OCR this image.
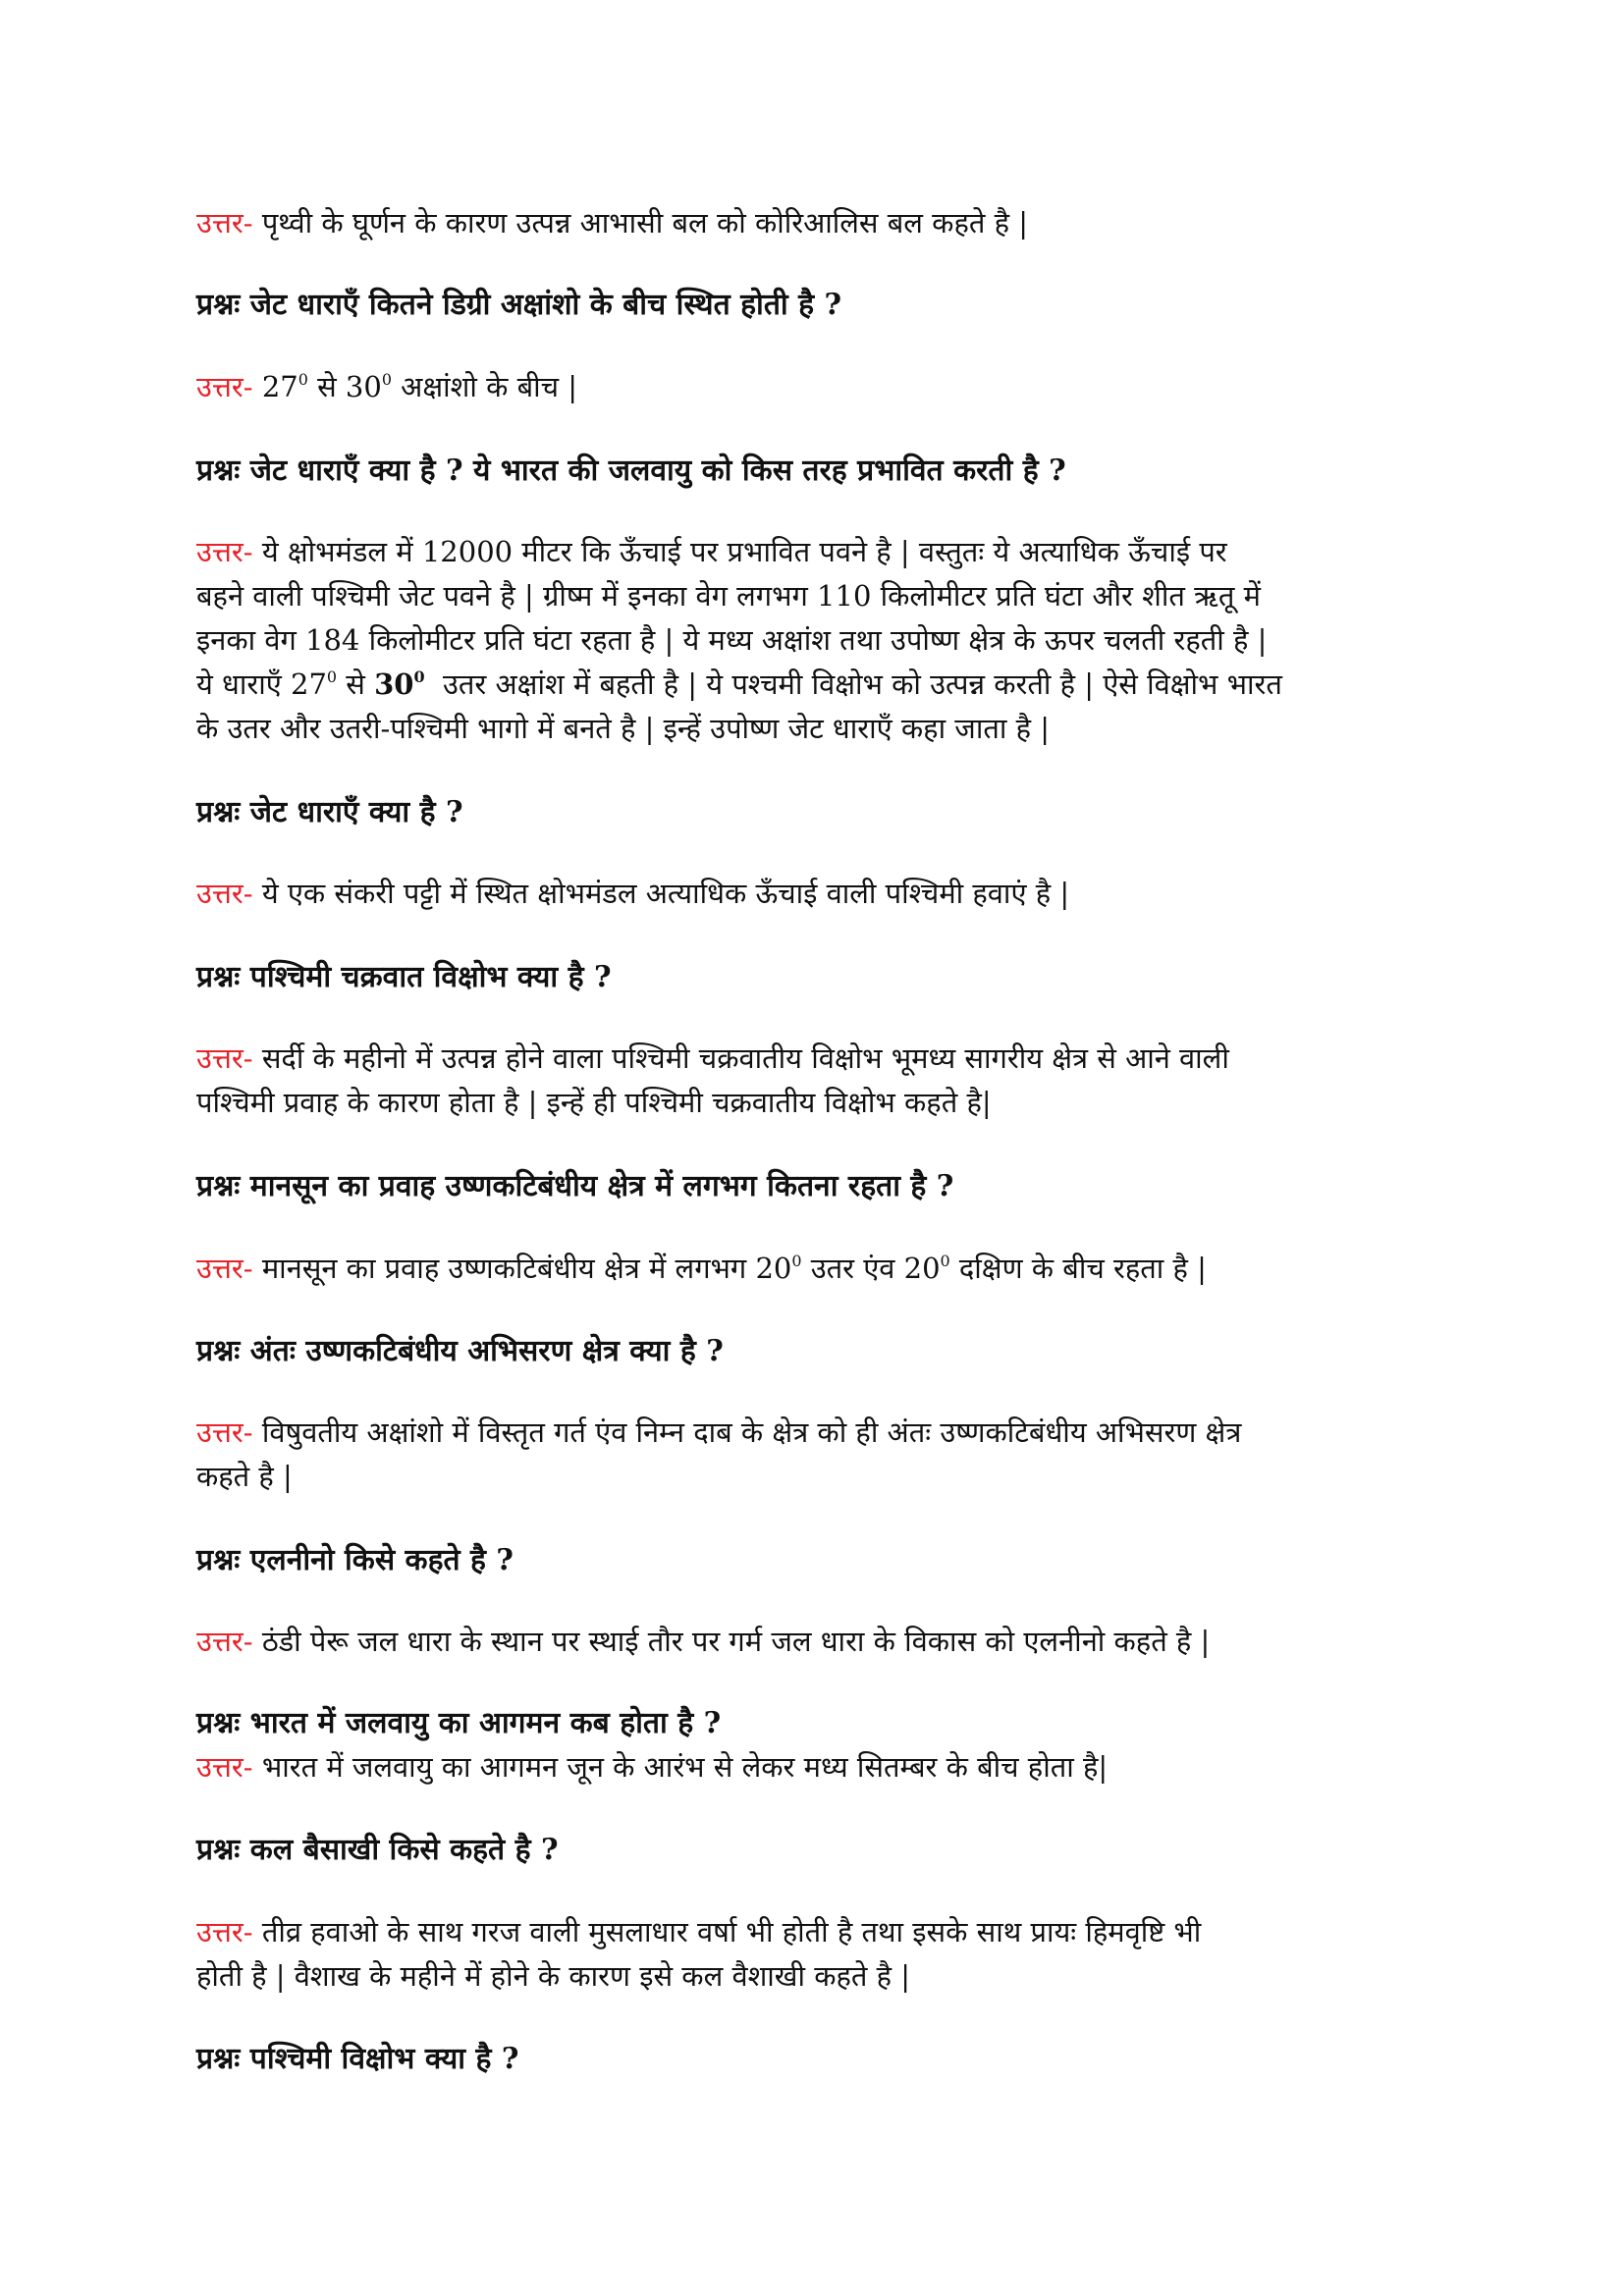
उत्तर- पृथ्वी के घूर्णन के कारण उत्पन्न आभासी बल को कोरिआलिस बल कहते है |
प्रश्नः जेट धाराएँ कितने डिग्री अक्षांशो के बीच स्थित होती है ?
उत्तर- $27^0$ से $30^0$ अक्षांशो के बीच |
प्रश्नः जेट धाराएँ क्या है ? ये भारत की जलवायु को किस तरह प्रभावित करती है ?
उत्तर- ये क्षोभमंडल में 12000 मीटर कि ऊँचाई पर प्रभावित पवने है | वस्तुतः ये अत्याधिक ऊँचाई पर
बहने वाली पश्चिमी जेट पवने है | ग्रीष्म में इनका वेग लगभग 110 किलोमीटर प्रति घंटा और शीत ऋतू में
इनका वेग 184 किलोमीटर प्रति घंटा रहता है | ये मध्य अक्षांश तथा उपोष्ण क्षेत्र के ऊपर चलती रहती है |
ये धाराएँ $27^0$ से $30^0$  उतर अक्षांश में बहती है | ये पश्चमी विक्षोभ को उत्पन्न करती है | ऐसे विक्षोभ भारत
के उतर और उतरी-पश्चिमी भागो में बनते है | इन्हें उपोष्ण जेट धाराएँ कहा जाता है |
प्रश्नः जेट धाराएँ क्या है ?
उत्तर- ये एक संकरी पट्टी में स्थित क्षोभमंडल अत्याधिक ऊँचाई वाली पश्चिमी हवाएं है |
प्रश्नः पश्चिमी चक्रवात विक्षोभ क्या है ?
उत्तर- सर्दी के महीनो में उत्पन्न होने वाला पश्चिमी चक्रवातीय विक्षोभ भूमध्य सागरीय क्षेत्र से आने वाली
पश्चिमी प्रवाह के कारण होता है | इन्हें ही पश्चिमी चक्रवातीय विक्षोभ कहते है|
प्रश्नः मानसून का प्रवाह उष्णकटिबंधीय क्षेत्र में लगभग कितना रहता है ?
उत्तर- मानसून का प्रवाह उष्णकटिबंधीय क्षेत्र में लगभग $20^0$ उतर एंव $20^0$ दक्षिण के बीच रहता है |
प्रश्नः अंतः उष्णकटिबंधीय अभिसरण क्षेत्र क्या है ?
उत्तर- विषुवतीय अक्षांशो में विस्तृत गर्त एंव निम्न दाब के क्षेत्र को ही अंतः उष्णकटिबंधीय अभिसरण क्षेत्र
कहते है |
प्रश्नः एलनीनो किसे कहते है ?
उत्तर- ठंडी पेरू जल धारा के स्थान पर स्थाई तौर पर गर्म जल धारा के विकास को एलनीनो कहते है |
प्रश्नः भारत में जलवायु का आगमन कब होता है ?
उत्तर- भारत में जलवायु का आगमन जून के आरंभ से लेकर मध्य सितम्बर के बीच होता है|
प्रश्नः कल बैसाखी किसे कहते है ?
उत्तर- तीव्र हवाओ के साथ गरज वाली मुसलाधार वर्षा भी होती है तथा इसके साथ प्रायः हिमवृष्टि भी
होती है | वैशाख के महीने में होने के कारण इसे कल वैशाखी कहते है |
प्रश्नः पश्चिमी विक्षोभ क्या है ?
